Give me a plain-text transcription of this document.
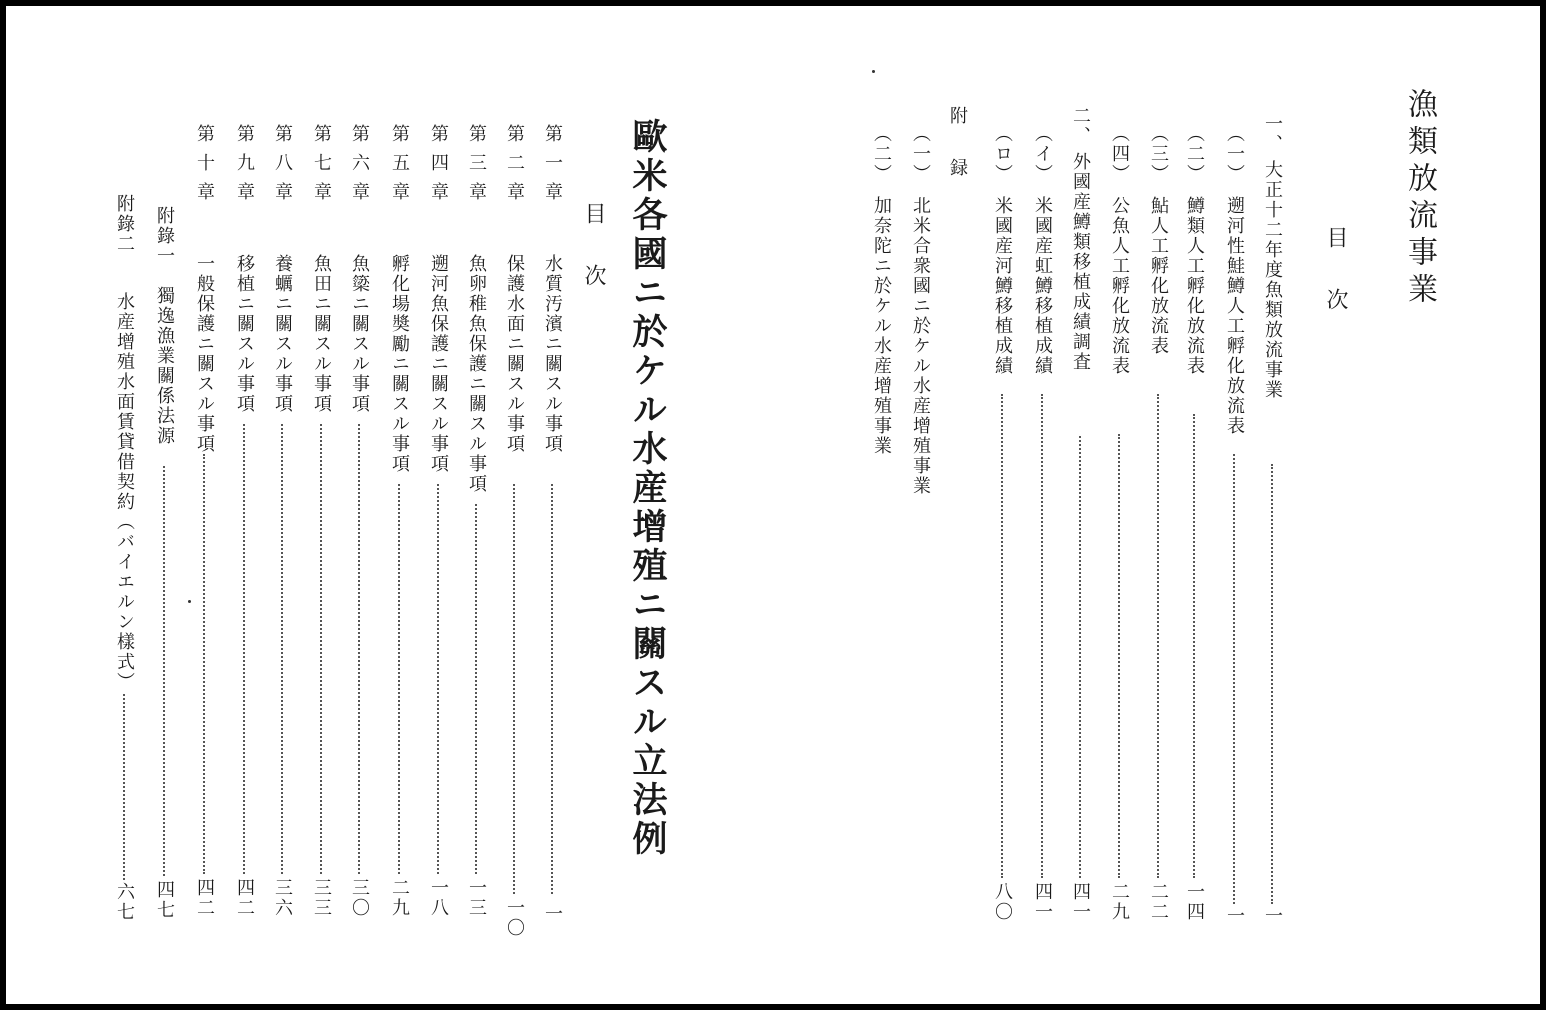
漁類放流事業
目次
一、
大正十二年度魚類放流事業
一
（一）
遡河性鮭鱒人工孵化放流表
一
（二）
鱒類人工孵化放流表
一四
（三）
鮎人工孵化放流表
二二
（四）
公魚人工孵化放流表
二九
二、
外國産鱒類移植成績調査
四一
（イ）
米國産虹鱒移植成績
四一
（ロ）
米國産河鱒移植成績
八〇
附録
（一）
北米合衆國ニ於ケル水産增殖事業
（二）
加奈陀ニ於ケル水産增殖事業
歐米各國ニ於ケル水産增殖ニ關スル立法例
目次
第一章
水質汚濱ニ關スル事項
一
第二章
保護水面ニ關スル事項
一〇
第三章
魚卵稚魚保護ニ關スル事項
一三
第四章
遡河魚保護ニ關スル事項
一八
第五章
孵化場奬勵ニ關スル事項
二九
第六章
魚簗ニ關スル事項
三〇
第七章
魚田ニ關スル事項
三三
第八章
養蠣ニ關スル事項
三六
第九章
移植ニ關スル事項
四二
第十章
一般保護ニ關スル事項
四二
附錄一
獨逸漁業關係法源
四七
附錄二
水産增殖水面賃貸借契約（バイエルン樣式）
六七
